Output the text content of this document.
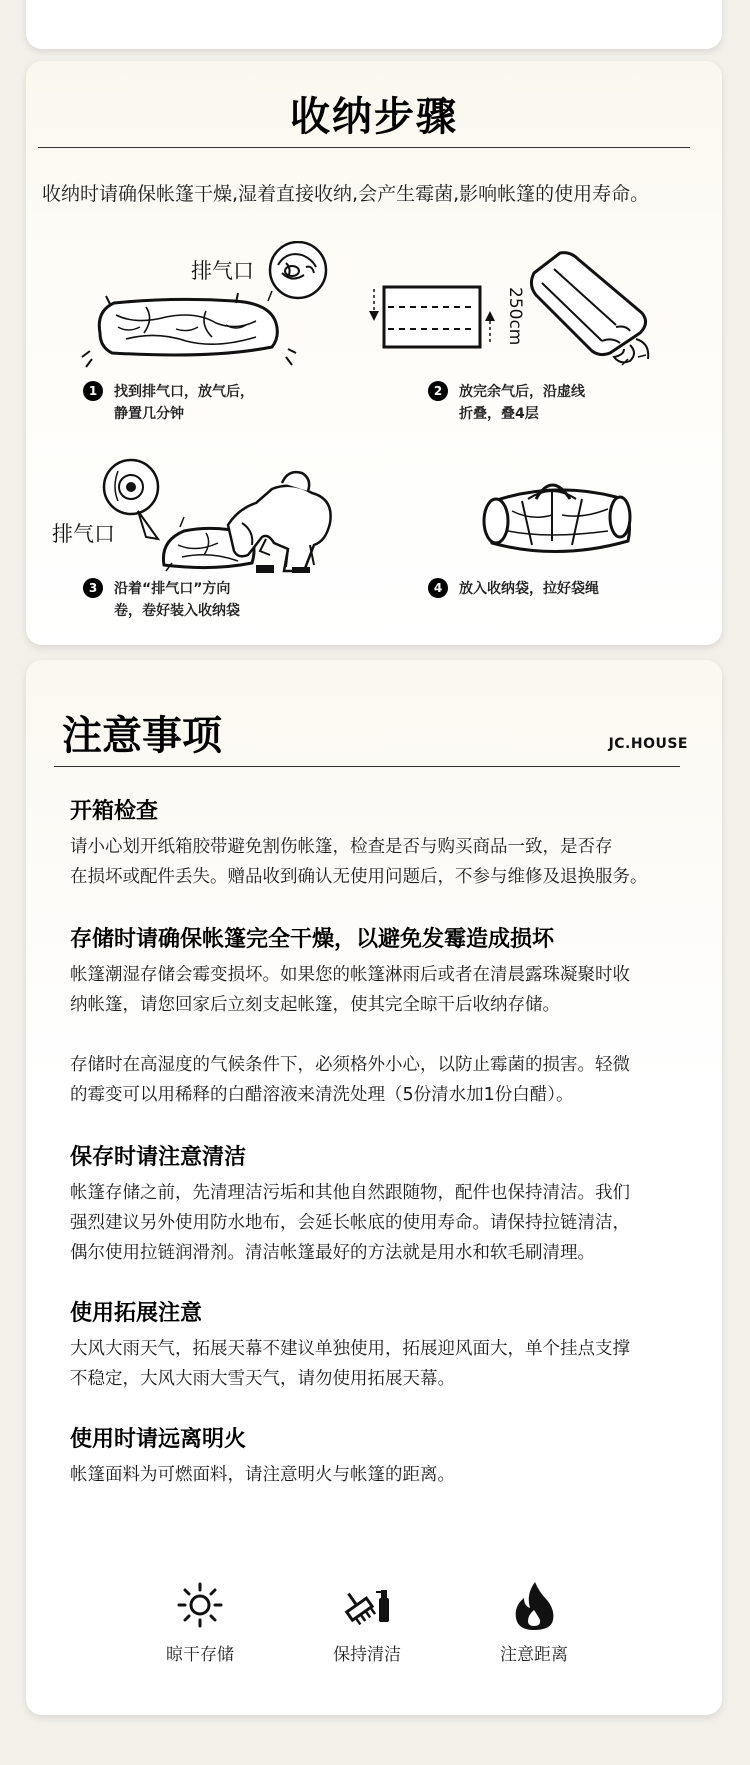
收纳步骤
收纳时请确保帐篷干燥,湿着直接收纳,会产生霉菌,影响帐篷的使用寿命。
排气口
250cm
1	找到排气口，放气后，
静置几分钟
2	放完余气后，沿虚线
折叠，叠4层
排气口
3	沿着“排气口”方向
卷，卷好装入收纳袋
4	放入收纳袋，拉好袋绳
注意事项	JC.HOUSE
开箱检查
请小心划开纸箱胶带避免割伤帐篷，检查是否与购买商品一致，是否存
在损坏或配件丢失。赠品收到确认无使用问题后，不参与维修及退换服务。
存储时请确保帐篷完全干燥，以避免发霉造成损坏
帐篷潮湿存储会霉变损坏。如果您的帐篷淋雨后或者在清晨露珠凝聚时收
纳帐篷，请您回家后立刻支起帐篷，使其完全晾干后收纳存储。
存储时在高湿度的气候条件下，必须格外小心，以防止霉菌的损害。轻微
的霉变可以用稀释的白醋溶液来清洗处理（5份清水加1份白醋）。
保存时请注意清洁
帐篷存储之前，先清理洁污垢和其他自然跟随物，配件也保持清洁。我们
强烈建议另外使用防水地布，会延长帐底的使用寿命。请保持拉链清洁，
偶尔使用拉链润滑剂。清洁帐篷最好的方法就是用水和软毛刷清理。
使用拓展注意
大风大雨天气，拓展天幕不建议单独使用，拓展迎风面大，单个挂点支撑
不稳定，大风大雨大雪天气，请勿使用拓展天幕。
使用时请远离明火
帐篷面料为可燃面料，请注意明火与帐篷的距离。
晾干存储	保持清洁	注意距离
